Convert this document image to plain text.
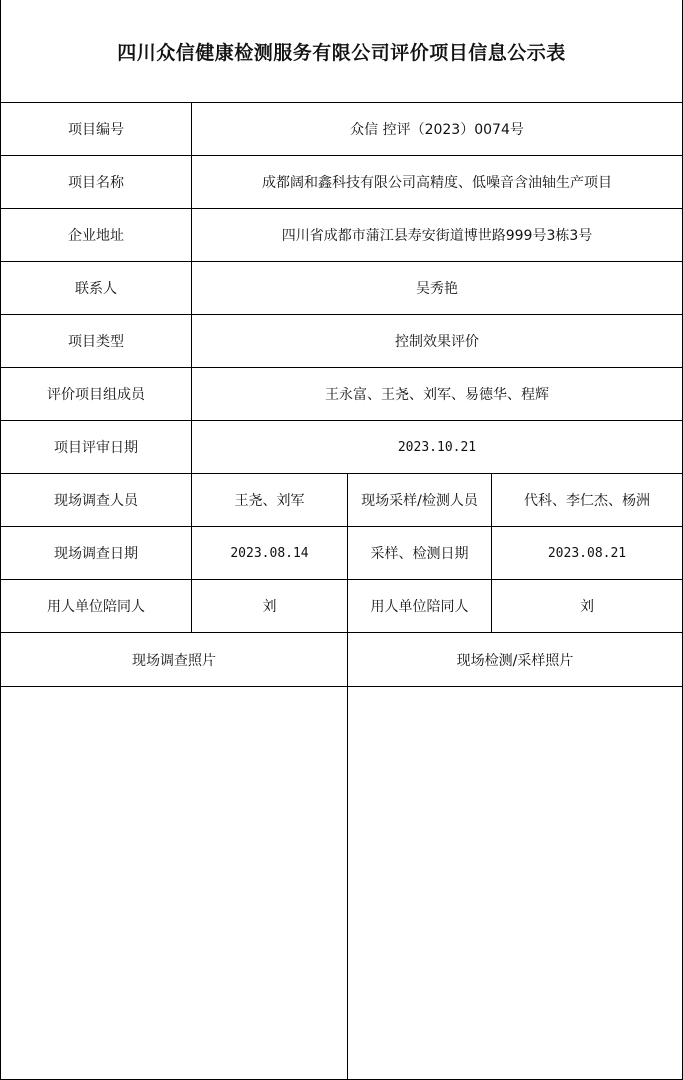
四川众信健康检测服务有限公司评价项目信息公示表
项目编号	众信 控评（2023）0074号
项目名称	成都阔和鑫科技有限公司高精度、低噪音含油轴生产项目
企业地址	四川省成都市蒲江县寿安街道博世路999号3栋3号
联系人	吴秀艳
项目类型	控制效果评价
评价项目组成员	王永富、王尧、刘军、易德华、程辉
项目评审日期	2023.10.21
现场调查人员	王尧、刘军	现场采样/检测人员	代科、李仁杰、杨洲
现场调查日期	2023.08.14	采样、检测日期	2023.08.21
用人单位陪同人	刘	用人单位陪同人	刘
现场调查照片	现场检测/采样照片
